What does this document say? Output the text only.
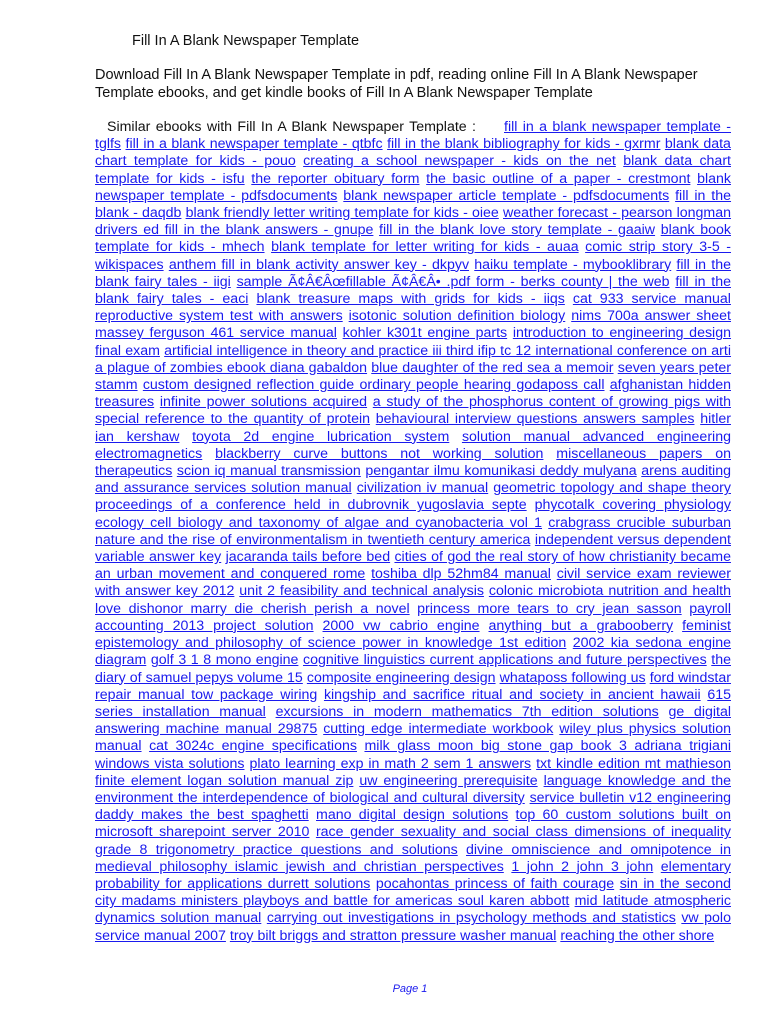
Fill In A Blank Newspaper Template
Download Fill In A Blank Newspaper Template in pdf, reading online Fill In A Blank Newspaper Template ebooks, and get kindle books of Fill In A Blank Newspaper Template
Similar ebooks with Fill In A Blank Newspaper Template : fill in a blank newspaper template - tglfs fill in a blank newspaper template - qtbfc fill in the blank bibliography for kids - gxrmr blank data chart template for kids - pouo creating a school newspaper - kids on the net blank data chart template for kids - isfu the reporter obituary form the basic outline of a paper - crestmont blank newspaper template - pdfsdocuments blank newspaper article template - pdfsdocuments fill in the blank - daqdb blank friendly letter writing template for kids - oiee weather forecast - pearson longman drivers ed fill in the blank answers - gnupe fill in the blank love story template - gaaiw blank book template for kids - mhech blank template for letter writing for kids - auaa comic strip story 3-5 - wikispaces anthem fill in blank activity answer key - dkpyv haiku template - mybooklibrary fill in the blank fairy tales - iigi sample Ã¢Â€Âœfillable Ã¢Â€Â• .pdf form - berks county | the web fill in the blank fairy tales - eaci blank treasure maps with grids for kids - iiqs cat 933 service manual reproductive system test with answers isotonic solution definition biology nims 700a answer sheet massey ferguson 461 service manual kohler k301t engine parts introduction to engineering design final exam artificial intelligence in theory and practice iii third ifip tc 12 international conference on arti a plague of zombies ebook diana gabaldon blue daughter of the red sea a memoir seven years peter stamm custom designed reflection guide ordinary people hearing godaposs call afghanistan hidden treasures infinite power solutions acquired a study of the phosphorus content of growing pigs with special reference to the quantity of protein behavioural interview questions answers samples hitler ian kershaw toyota 2d engine lubrication system solution manual advanced engineering electromagnetics blackberry curve buttons not working solution miscellaneous papers on therapeutics scion iq manual transmission pengantar ilmu komunikasi deddy mulyana arens auditing and assurance services solution manual civilization iv manual geometric topology and shape theory proceedings of a conference held in dubrovnik yugoslavia septe phycotalk covering physiology ecology cell biology and taxonomy of algae and cyanobacteria vol 1 crabgrass crucible suburban nature and the rise of environmentalism in twentieth century america independent versus dependent variable answer key jacaranda tails before bed cities of god the real story of how christianity became an urban movement and conquered rome toshiba dlp 52hm84 manual civil service exam reviewer with answer key 2012 unit 2 feasibility and technical analysis colonic microbiota nutrition and health love dishonor marry die cherish perish a novel princess more tears to cry jean sasson payroll accounting 2013 project solution 2000 vw cabrio engine anything but a grabooberry feminist epistemology and philosophy of science power in knowledge 1st edition 2002 kia sedona engine diagram golf 3 1 8 mono engine cognitive linguistics current applications and future perspectives the diary of samuel pepys volume 15 composite engineering design whataposs following us ford windstar repair manual tow package wiring kingship and sacrifice ritual and society in ancient hawaii 615 series installation manual excursions in modern mathematics 7th edition solutions ge digital answering machine manual 29875 cutting edge intermediate workbook wiley plus physics solution manual cat 3024c engine specifications milk glass moon big stone gap book 3 adriana trigiani windows vista solutions plato learning exp in math 2 sem 1 answers txt kindle edition mt mathieson finite element logan solution manual zip uw engineering prerequisite language knowledge and the environment the interdependence of biological and cultural diversity service bulletin v12 engineering daddy makes the best spaghetti mano digital design solutions top 60 custom solutions built on microsoft sharepoint server 2010 race gender sexuality and social class dimensions of inequality grade 8 trigonometry practice questions and solutions divine omniscience and omnipotence in medieval philosophy islamic jewish and christian perspectives 1 john 2 john 3 john elementary probability for applications durrett solutions pocahontas princess of faith courage sin in the second city madams ministers playboys and battle for americas soul karen abbott mid latitude atmospheric dynamics solution manual carrying out investigations in psychology methods and statistics vw polo service manual 2007 troy bilt briggs and stratton pressure washer manual reaching the other shore
Page 1
